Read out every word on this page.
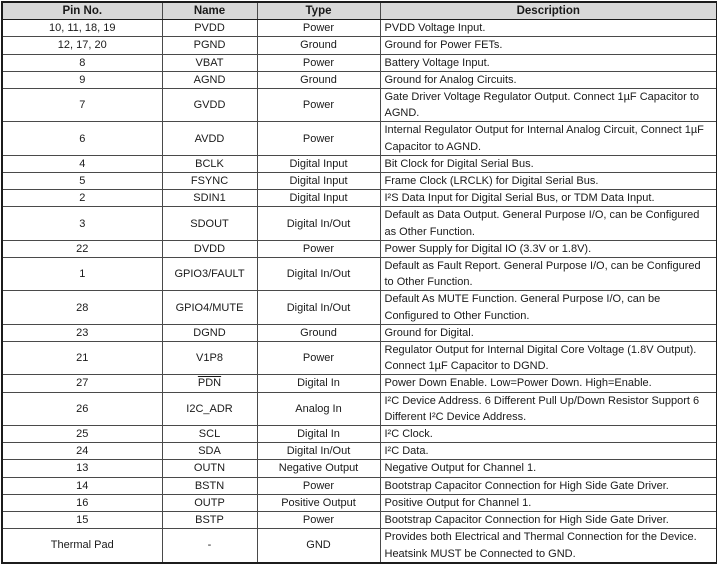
Pin No.	Name	Type	Description
10, 11, 18, 19	PVDD	Power	PVDD Voltage Input.
12, 17, 20	PGND	Ground	Ground for Power FETs.
8	VBAT	Power	Battery Voltage Input.
9	AGND	Ground	Ground for Analog Circuits.
7	GVDD	Power	Gate Driver Voltage Regulator Output. Connect 1µF Capacitor to AGND.
6	AVDD	Power	Internal Regulator Output for Internal Analog Circuit, Connect 1µF Capacitor to AGND.
4	BCLK	Digital Input	Bit Clock for Digital Serial Bus.
5	FSYNC	Digital Input	Frame Clock (LRCLK) for Digital Serial Bus.
2	SDIN1	Digital Input	I²S Data Input for Digital Serial Bus, or TDM Data Input.
3	SDOUT	Digital In/Out	Default as Data Output. General Purpose I/O, can be Configured as Other Function.
22	DVDD	Power	Power Supply for Digital IO (3.3V or 1.8V).
1	GPIO3/FAULT	Digital In/Out	Default as Fault Report. General Purpose I/O, can be Configured to Other Function.
28	GPIO4/MUTE	Digital In/Out	Default As MUTE Function. General Purpose I/O, can be Configured to Other Function.
23	DGND	Ground	Ground for Digital.
21	V1P8	Power	Regulator Output for Internal Digital Core Voltage (1.8V Output). Connect 1µF Capacitor to DGND.
27	$\overline{PDN}$	Digital In	Power Down Enable. Low=Power Down. High=Enable.
26	I2C_ADR	Analog In	I²C Device Address. 6 Different Pull Up/Down Resistor Support 6 Different I²C Device Address.
25	SCL	Digital In	I²C Clock.
24	SDA	Digital In/Out	I²C Data.
13	OUTN	Negative Output	Negative Output for Channel 1.
14	BSTN	Power	Bootstrap Capacitor Connection for High Side Gate Driver.
16	OUTP	Positive Output	Positive Output for Channel 1.
15	BSTP	Power	Bootstrap Capacitor Connection for High Side Gate Driver.
Thermal Pad	-	GND	Provides both Electrical and Thermal Connection for the Device. Heatsink MUST be Connected to GND.
